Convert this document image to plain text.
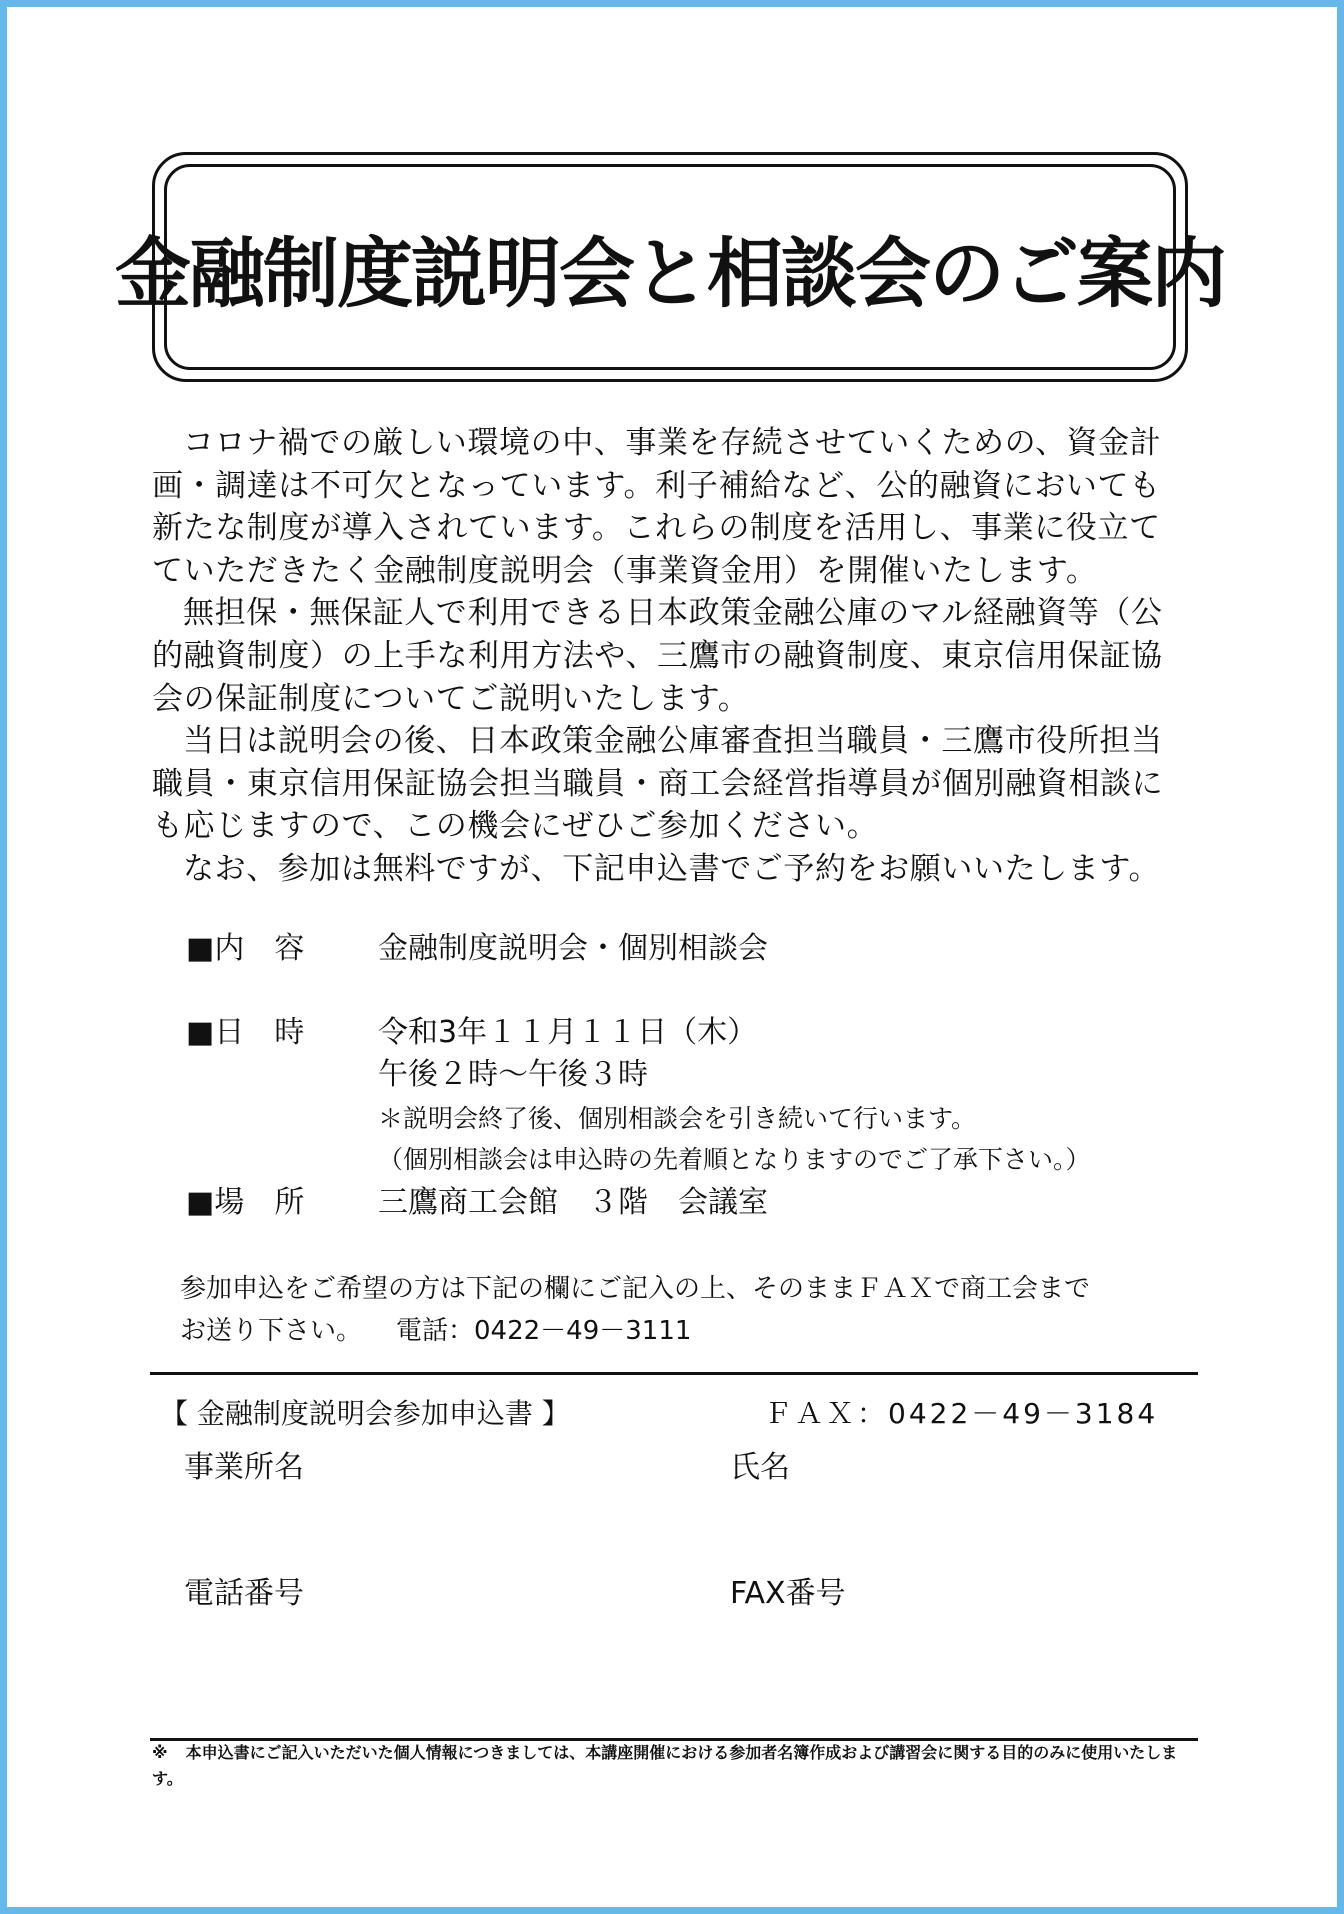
金融制度説明会と相談会のご案内

コロナ禍での厳しい環境の中、事業を存続させていくための、資金計画・調達は不可欠となっています。利子補給など、公的融資においても新たな制度が導入されています。これらの制度を活用し、事業に役立てていただきたく金融制度説明会（事業資金用）を開催いたします。

無担保・無保証人で利用できる日本政策金融公庫のマル経融資等（公的融資制度）の上手な利用方法や、三鷹市の融資制度、東京信用保証協会の保証制度についてご説明いたします。

当日は説明会の後、日本政策金融公庫審査担当職員・三鷹市役所担当職員・東京信用保証協会担当職員・商工会経営指導員が個別融資相談にも応じますので、この機会にぜひご参加ください。

なお、参加は無料ですが、下記申込書でご予約をお願いいたします。

■内　容	金融制度説明会・個別相談会
■日　時	令和3年１１月１１日（木）
午後２時～午後３時
＊説明会終了後、個別相談会を引き続いて行います。
（個別相談会は申込時の先着順となりますのでご了承下さい。）
■場　所	三鷹商工会館　３階　会議室
参加申込をご希望の方は下記の欄にご記入の上、そのままＦＡＸで商工会まで
お送り下さい。 電話：0422－49－3111
【 金融制度説明会参加申込書 】	ＦＡＸ：0422－49－3184
事業所名	氏名
電話番号	FAX番号
※ 本申込書にご記入いただいた個人情報につきましては、本講座開催における参加者名簿作成および講習会に関する目的のみに使用いたします。
